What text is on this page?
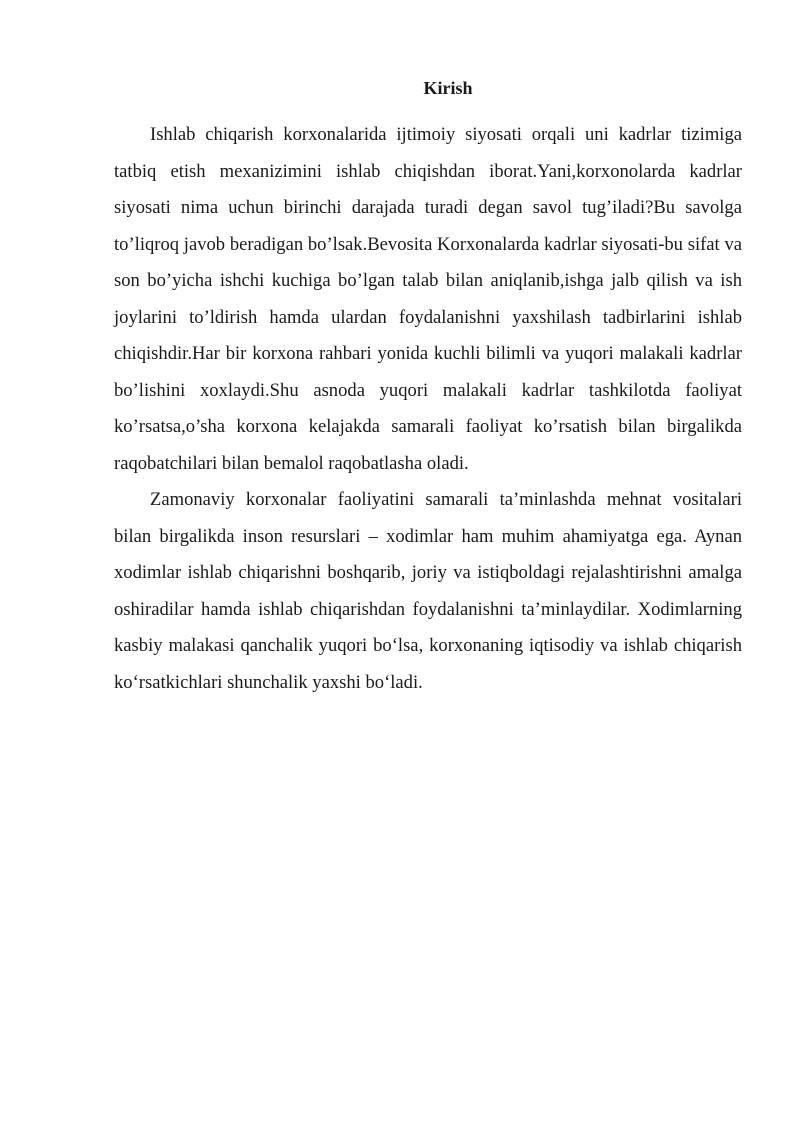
Kirish

Ishlab chiqarish korxonalarida ijtimoiy siyosati orqali uni kadrlar tizimiga tatbiq etish mexanizimini ishlab chiqishdan iborat.Yani,korxonolarda kadrlar siyosati nima uchun birinchi darajada turadi degan savol tug’iladi?Bu savolga to’liqroq javob beradigan bo’lsak.Bevosita Korxonalarda kadrlar siyosati-bu sifat va son bo’yicha ishchi kuchiga bo’lgan talab bilan aniqlanib,ishga jalb qilish va ish joylarini to’ldirish hamda ulardan foydalanishni yaxshilash tadbirlarini ishlab chiqishdir.Har bir korxona rahbari yonida kuchli bilimli va yuqori malakali kadrlar bo’lishini xoxlaydi.Shu asnoda yuqori malakali kadrlar tashkilotda faoliyat ko’rsatsa,o’sha korxona kelajakda samarali faoliyat ko’rsatish bilan birgalikda raqobatchilari bilan bemalol raqobatlasha oladi.

Zamonaviy korxonalar faoliyatini samarali ta’minlashda mehnat vositalari bilan birgalikda inson resurslari – xodimlar ham muhim ahamiyatga ega. Aynan xodimlar ishlab chiqarishni boshqarib, joriy va istiqboldagi rejalashtirishni amalga oshiradilar hamda ishlab chiqarishdan foydalanishni ta’minlaydilar. Xodimlarning kasbiy malakasi qanchalik yuqori bo‘lsa, korxonaning iqtisodiy va ishlab chiqarish ko‘rsatkichlari shunchalik yaxshi bo‘ladi.
